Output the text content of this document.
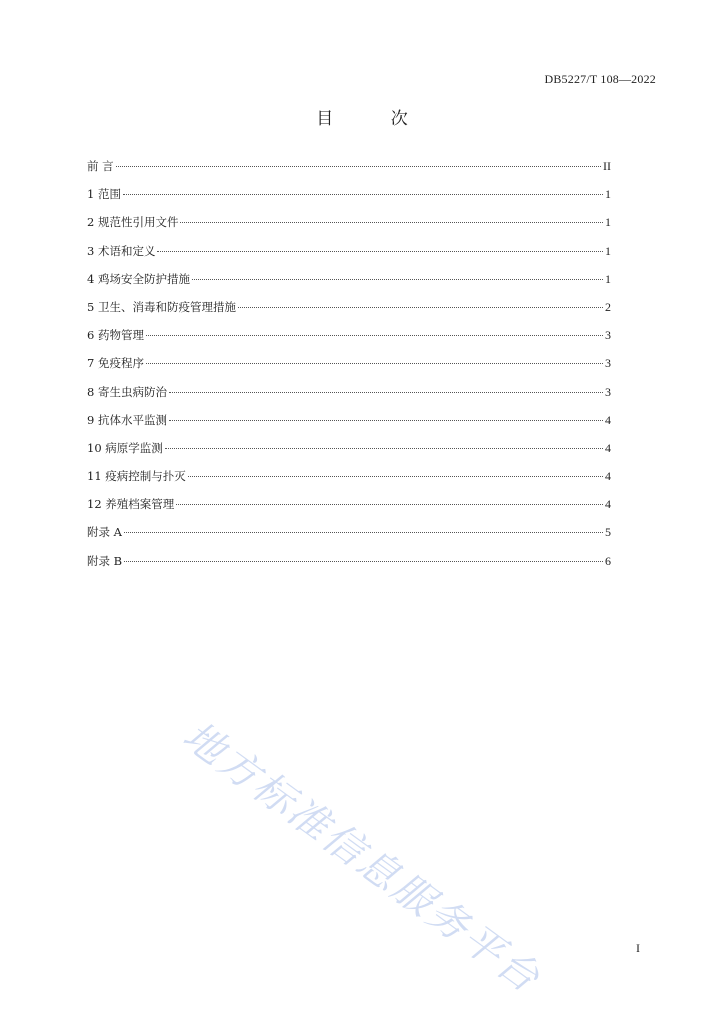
DB5227/T 108—2022
目 次
前 言	II
1 范围	1
2 规范性引用文件	1
3 术语和定义	1
4 鸡场安全防护措施	1
5 卫生、消毒和防疫管理措施	2
6 药物管理	3
7 免疫程序	3
8 寄生虫病防治	3
9 抗体水平监测	4
10 病原学监测	4
11 疫病控制与扑灭	4
12 养殖档案管理	4
附录 A	5
附录 B	6
地方标准信息服务平台	I
